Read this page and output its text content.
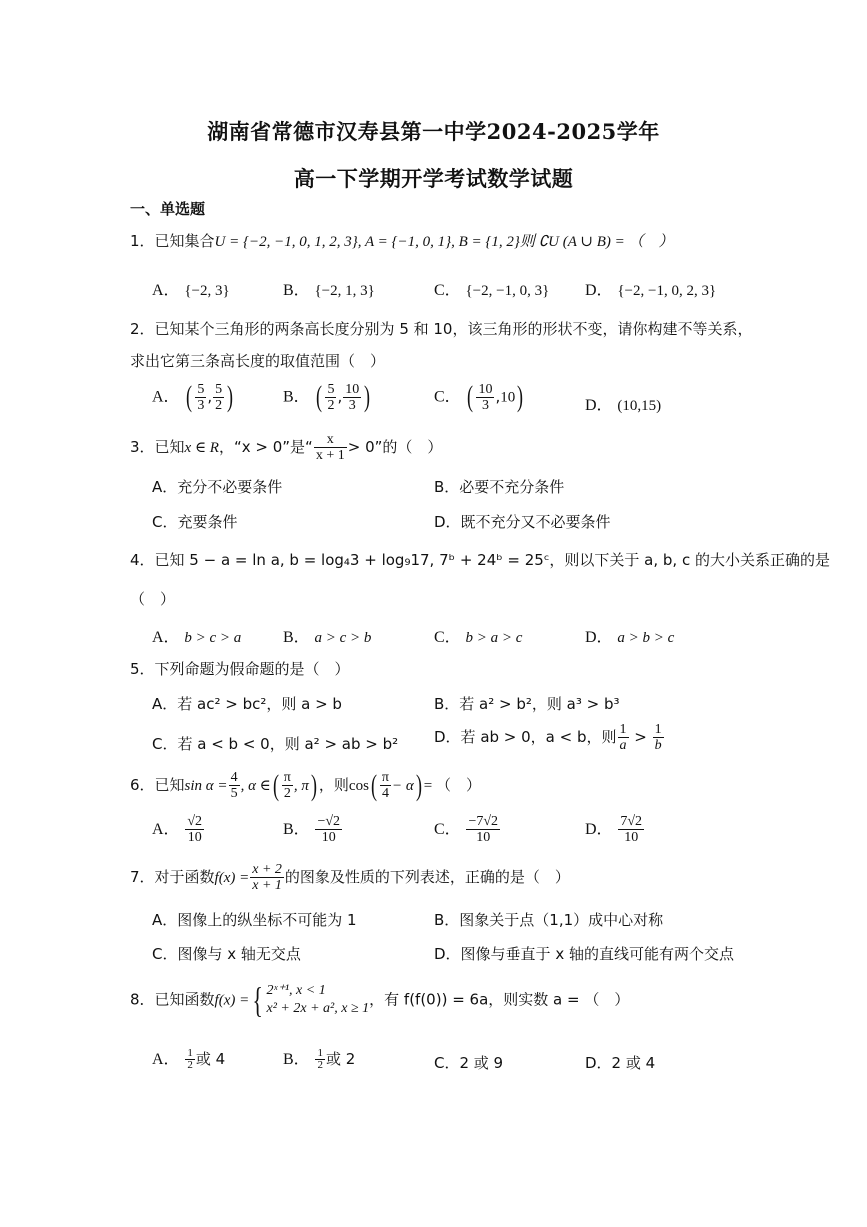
湖南省常德市汉寿县第一中学2024-2025学年
高一下学期开学考试数学试题
一、单选题
1．已知集合U = {−2, −1, 0, 1, 2, 3}, A = {−1, 0, 1}, B = {1, 2}则 ∁U (A ∪ B) = （　）
A． {−2, 3}	B． {−2, 1, 3}	C． {−2, −1, 0, 3} D． {−2, −1, 0, 2, 3}
2．已知某个三角形的两条高长度分别为 5 和 10，该三角形的形状不变，请你构建不等关系，
求出它第三条高长度的取值范围（　）
A． ( $\frac{5}{3}$ , $\frac{5}{2}$ )	B． ( $\frac{5}{2}$ , $\frac{10}{3}$ )	C． ( $\frac{10}{3} ,10$)	D． (10,15)
3．已知x ∈ R，“x > 0”是“ $\frac{x}{x + 1} > 0$”的（　）
A．充分不必要条件	B．必要不充分条件
C．充要条件	D．既不充分又不必要条件
4．已知 5 − a = ln a, b = log₄3 + log₉17, 7ᵇ + 24ᵇ = 25ᶜ，则以下关于 a, b, c 的大小关系正确的是
（　）
A． b > c > a	B． a > c > b	C． b > a > c	D． a > b > c
5．下列命题为假命题的是（　）
A．若 ac² > bc²，则 a > b	B．若 a² > b²，则 a³ > b³
C．若 a < b < 0，则 a² > ab > b² D．若 ab > 0，a < b，则 $\frac{1}{a} > \frac{1}{b}$
6．已知$\sin \alpha = \frac{4}{5}$ , α ∈( $\frac{\pi}{2}$ , π) ，则$\cos( \frac{\pi}{4} - \alpha)$ = （　）
A． $\frac{√2}{10}$	B． $\frac{-√2}{10}$	C． $\frac{-7√2}{10}$	D． $\frac{7√2}{10}$
7．对于函数$f(x) = \frac{x + 2}{x + 1}$ 的图象及性质的下列表述，正确的是（　）
A．图像上的纵坐标不可能为 1	B．图象关于点（1,1）成中心对称
C．图像与 x 轴无交点	D．图像与垂直于 x 轴的直线可能有两个交点
8．已知函数f(x) ={ 2ˣ⁺¹, x < 1
x² + 2x + a², x ≥ 1 ，有 f(f(0)) = 6a，则实数 a = （　）
A． $\frac{1}{2}$ 或 4	B． $\frac{1}{2}$ 或 2	C．2 或 9	D．2 或 4
